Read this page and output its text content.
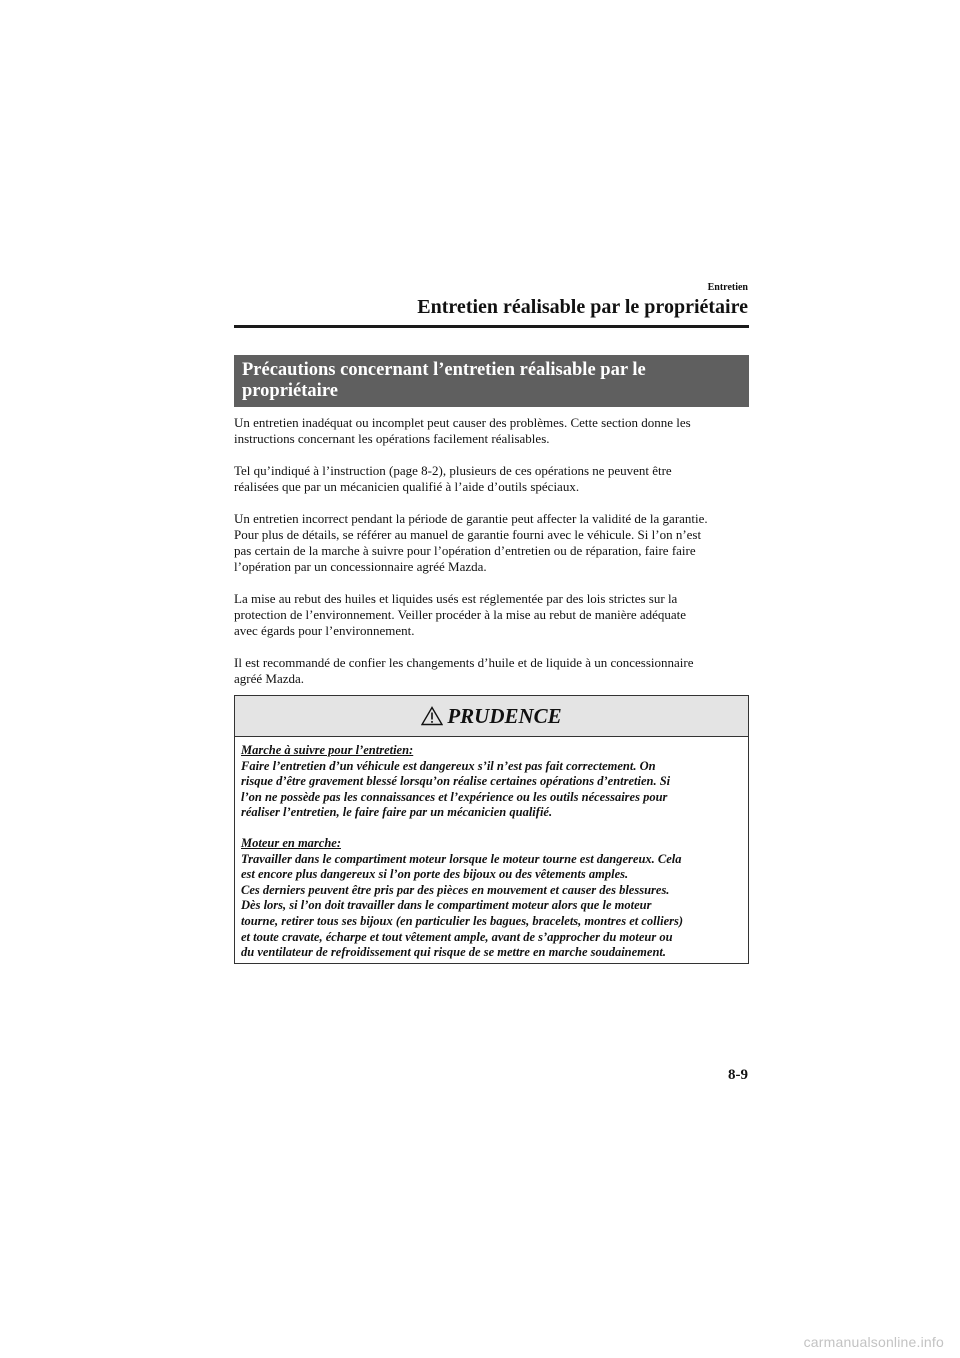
Entretien
Entretien réalisable par le propriétaire
Précautions concernant l’entretien réalisable par le
propriétaire

Un entretien inadéquat ou incomplet peut causer des problèmes. Cette section donne les
instructions concernant les opérations facilement réalisables.

Tel qu’indiqué à l’instruction (page 8-2), plusieurs de ces opérations ne peuvent être
réalisées que par un mécanicien qualifié à l’aide d’outils spéciaux.

Un entretien incorrect pendant la période de garantie peut affecter la validité de la garantie.
Pour plus de détails, se référer au manuel de garantie fourni avec le véhicule. Si l’on n’est
pas certain de la marche à suivre pour l’opération d’entretien ou de réparation, faire faire
l’opération par un concessionnaire agréé Mazda.

La mise au rebut des huiles et liquides usés est réglementée par des lois strictes sur la
protection de l’environnement. Veiller procéder à la mise au rebut de manière adéquate
avec égards pour l’environnement.

Il est recommandé de confier les changements d’huile et de liquide à un concessionnaire
agréé Mazda.

PRUDENCE
Marche à suivre pour l’entretien:
Faire l’entretien d’un véhicule est dangereux s’il n’est pas fait correctement. On
risque d’être gravement blessé lorsqu’on réalise certaines opérations d’entretien. Si
l’on ne possède pas les connaissances et l’expérience ou les outils nécessaires pour
réaliser l’entretien, le faire faire par un mécanicien qualifié.
Moteur en marche:
Travailler dans le compartiment moteur lorsque le moteur tourne est dangereux. Cela
est encore plus dangereux si l’on porte des bijoux ou des vêtements amples.
Ces derniers peuvent être pris par des pièces en mouvement et causer des blessures.
Dès lors, si l’on doit travailler dans le compartiment moteur alors que le moteur
tourne, retirer tous ses bijoux (en particulier les bagues, bracelets, montres et colliers)
et toute cravate, écharpe et tout vêtement ample, avant de s’approcher du moteur ou
du ventilateur de refroidissement qui risque de se mettre en marche soudainement.
8-9
carmanualsonline.info
